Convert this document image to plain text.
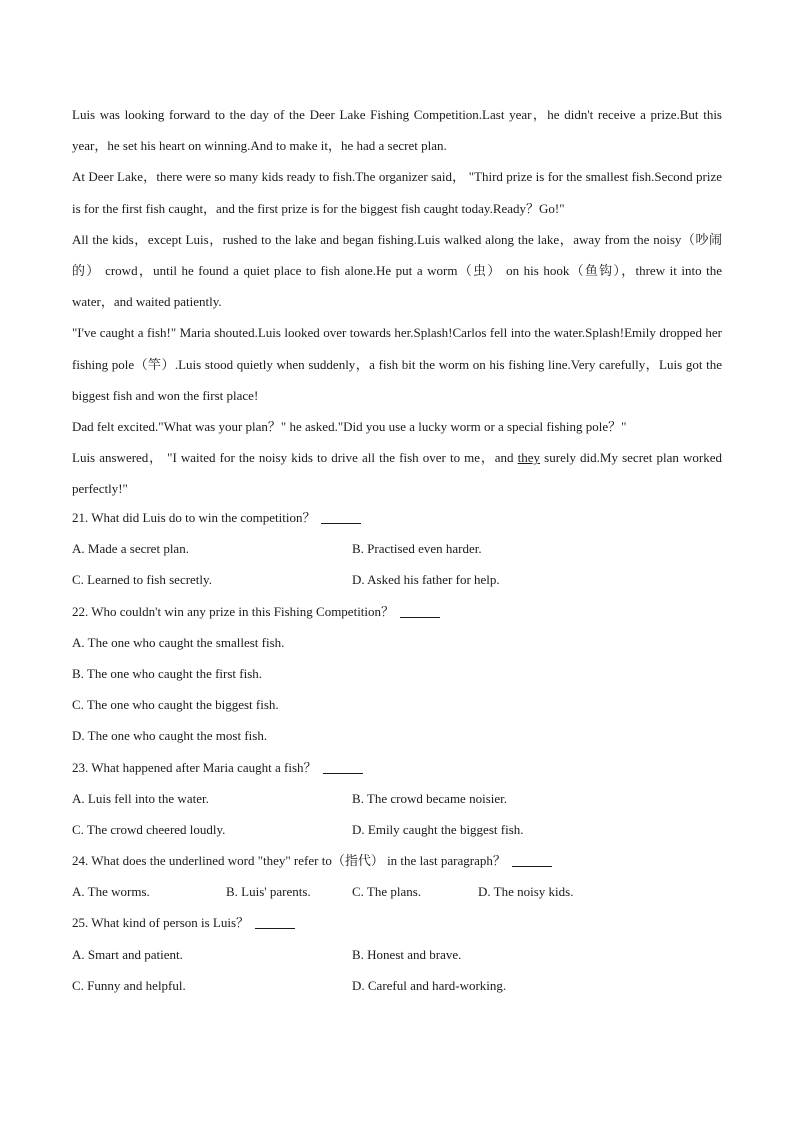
Luis was looking forward to the day of the Deer Lake Fishing Competition.Last year，he didn't receive a prize.But this year，he set his heart on winning.And to make it，he had a secret plan.

At Deer Lake，there were so many kids ready to fish.The organizer said， "Third prize is for the smallest fish.Second prize is for the first fish caught，and the first prize is for the biggest fish caught today.Ready？Go!"

All the kids，except Luis，rushed to the lake and began fishing.Luis walked along the lake，away from the noisy（吵闹的） crowd，until he found a quiet place to fish alone.He put a worm（虫） on his hook（鱼钩），threw it into the water，and waited patiently.

"I've caught a fish!" Maria shouted.Luis looked over towards her.Splash!Carlos fell into the water.Splash!Emily dropped her fishing pole（竿）.Luis stood quietly when suddenly，a fish bit the worm on his fishing line.Very carefully，Luis got the biggest fish and won the first place!

Dad felt excited."What was your plan？" he asked."Did you use a lucky worm or a special fishing pole？"

Luis answered， "I waited for the noisy kids to drive all the fish over to me，and they surely did.My secret plan worked perfectly!"

21. What did Luis do to win the competition？
A. Made a secret plan.	B. Practised even harder.
C. Learned to fish secretly.	D. Asked his father for help.
22. Who couldn't win any prize in this Fishing Competition？
A. The one who caught the smallest fish.
B. The one who caught the first fish.
C. The one who caught the biggest fish.
D. The one who caught the most fish.
23. What happened after Maria caught a fish？
A. Luis fell into the water.	B. The crowd became noisier.
C. The crowd cheered loudly.	D. Emily caught the biggest fish.
24. What does the underlined word "they" refer to（指代） in the last paragraph？
A. The worms.	B. Luis' parents.	C. The plans.	D. The noisy kids.
25. What kind of person is Luis？
A. Smart and patient.	B. Honest and brave.
C. Funny and helpful.	D. Careful and hard-working.
